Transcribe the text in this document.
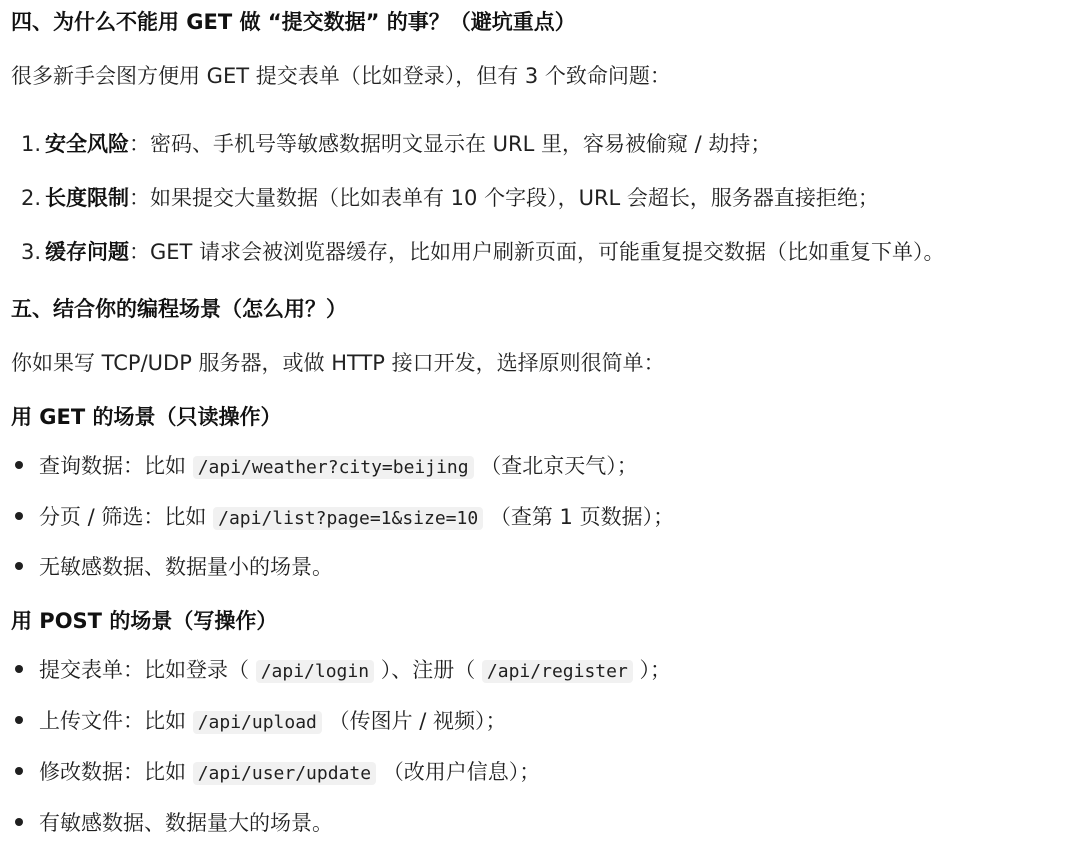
四、为什么不能用 GET 做 “提交数据” 的事？（避坑重点）
很多新手会图方便用 GET 提交表单（比如登录），但有 3 个致命问题：
1. 安全风险：密码、手机号等敏感数据明文显示在 URL 里，容易被偷窥 / 劫持；
2. 长度限制：如果提交大量数据（比如表单有 10 个字段），URL 会超长，服务器直接拒绝；
3. 缓存问题：GET 请求会被浏览器缓存，比如用户刷新页面，可能重复提交数据（比如重复下单）。
五、结合你的编程场景（怎么用？）
你如果写 TCP/UDP 服务器，或做 HTTP 接口开发，选择原则很简单：
用 GET 的场景（只读操作）
查询数据：比如 /api/weather?city=beijing （查北京天气）；
分页 / 筛选：比如 /api/list?page=1&size=10 （查第 1 页数据）；
无敏感数据、数据量小的场景。
用 POST 的场景（写操作）
提交表单：比如登录（ /api/login ）、注册（ /api/register ）；
上传文件：比如 /api/upload （传图片 / 视频）；
修改数据：比如 /api/user/update （改用户信息）；
有敏感数据、数据量大的场景。
